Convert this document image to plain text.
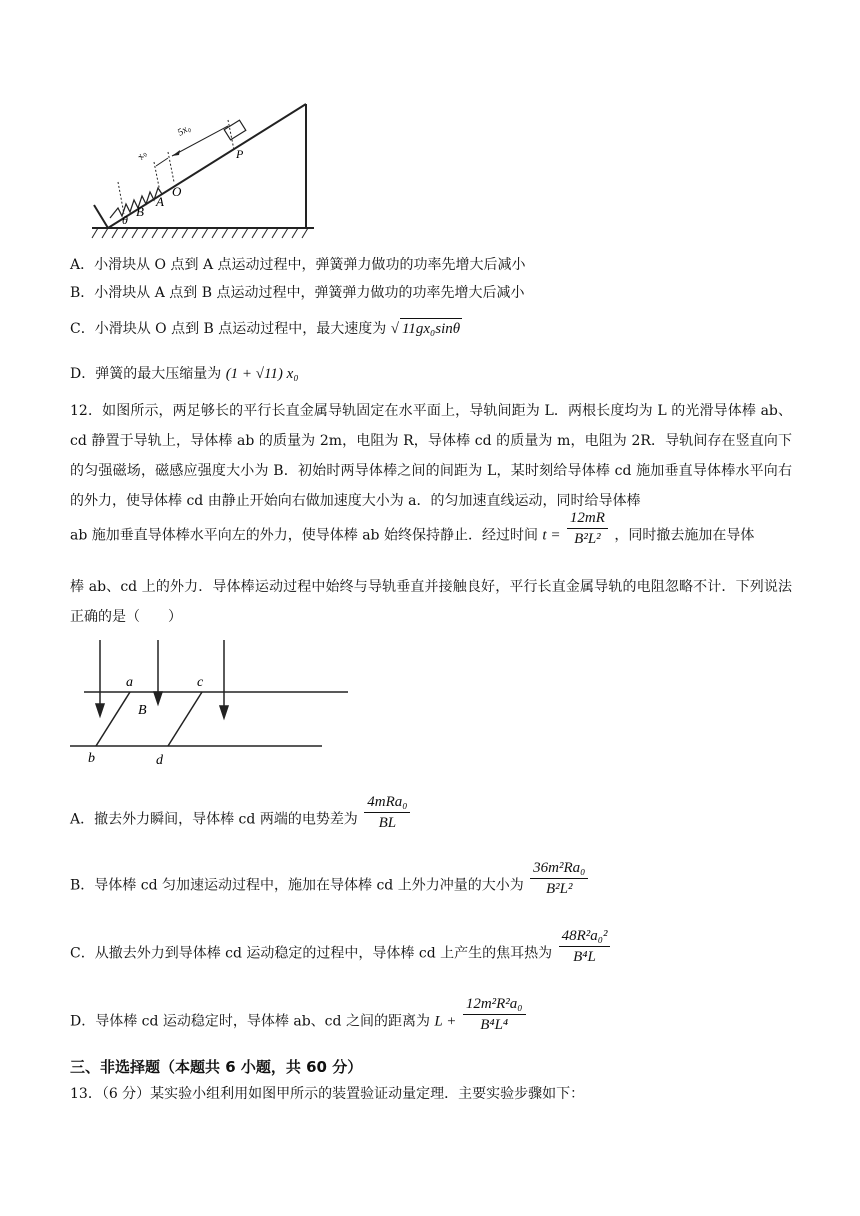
5x₀
x₀
O
A
B
θ
P
A．小滑块从 O 点到 A 点运动过程中，弹簧弹力做功的功率先增大后减小
B．小滑块从 A 点到 B 点运动过程中，弹簧弹力做功的功率先增大后减小
C．小滑块从 O 点到 B 点运动过程中，最大速度为 √ 11gx₀sinθ
D．弹簧的最大压缩量为 (1 + √11) x₀
12．如图所示，两足够长的平行长直金属导轨固定在水平面上，导轨间距为 L．两根长度均为 L 的光滑导体棒 ab、cd 静置于导轨上，导体棒 ab 的质量为 2m，电阻为 R，导体棒 cd 的质量为 m，电阻为 2R．导轨间存在竖直向下的匀强磁场，磁感应强度大小为 B．初始时两导体棒之间的间距为 L，某时刻给导体棒 cd 施加垂直导体棒水平向右的外力，使导体棒 cd 由静止开始向右做加速度大小为 a．的匀加速直线运动，同时给导体棒
ab 施加垂直导体棒水平向左的外力，使导体棒 ab 始终保持静止．经过时间 $t = \frac{12mR}{\text{B²L²}}$ ，同时撤去施加在导体
棒 ab、cd 上的外力．导体棒运动过程中始终与导轨垂直并接触良好，平行长直金属导轨的电阻忽略不计．下列说法正确的是（　　）
a	c
B
b	d
A．撤去外力瞬间，导体棒 cd 两端的电势差为 $\frac{\text{4mRa₀}}{BL}$
B．导体棒 cd 匀加速运动过程中，施加在导体棒 cd 上外力冲量的大小为 $\frac{\text{36m²Ra₀}}{\text{B²L²}}$
C．从撤去外力到导体棒 cd 运动稳定的过程中，导体棒 cd 上产生的焦耳热为 $\frac{\text{48R²a₀²}}{\text{B⁴L}}$
D．导体棒 cd 运动稳定时，导体棒 ab、cd 之间的距离为 $L + \frac{\text{12m²R²a₀}}{\text{B⁴L⁴}}$
三、非选择题（本题共 6 小题，共 60 分）
13．（6 分）某实验小组利用如图甲所示的装置验证动量定理．主要实验步骤如下：
